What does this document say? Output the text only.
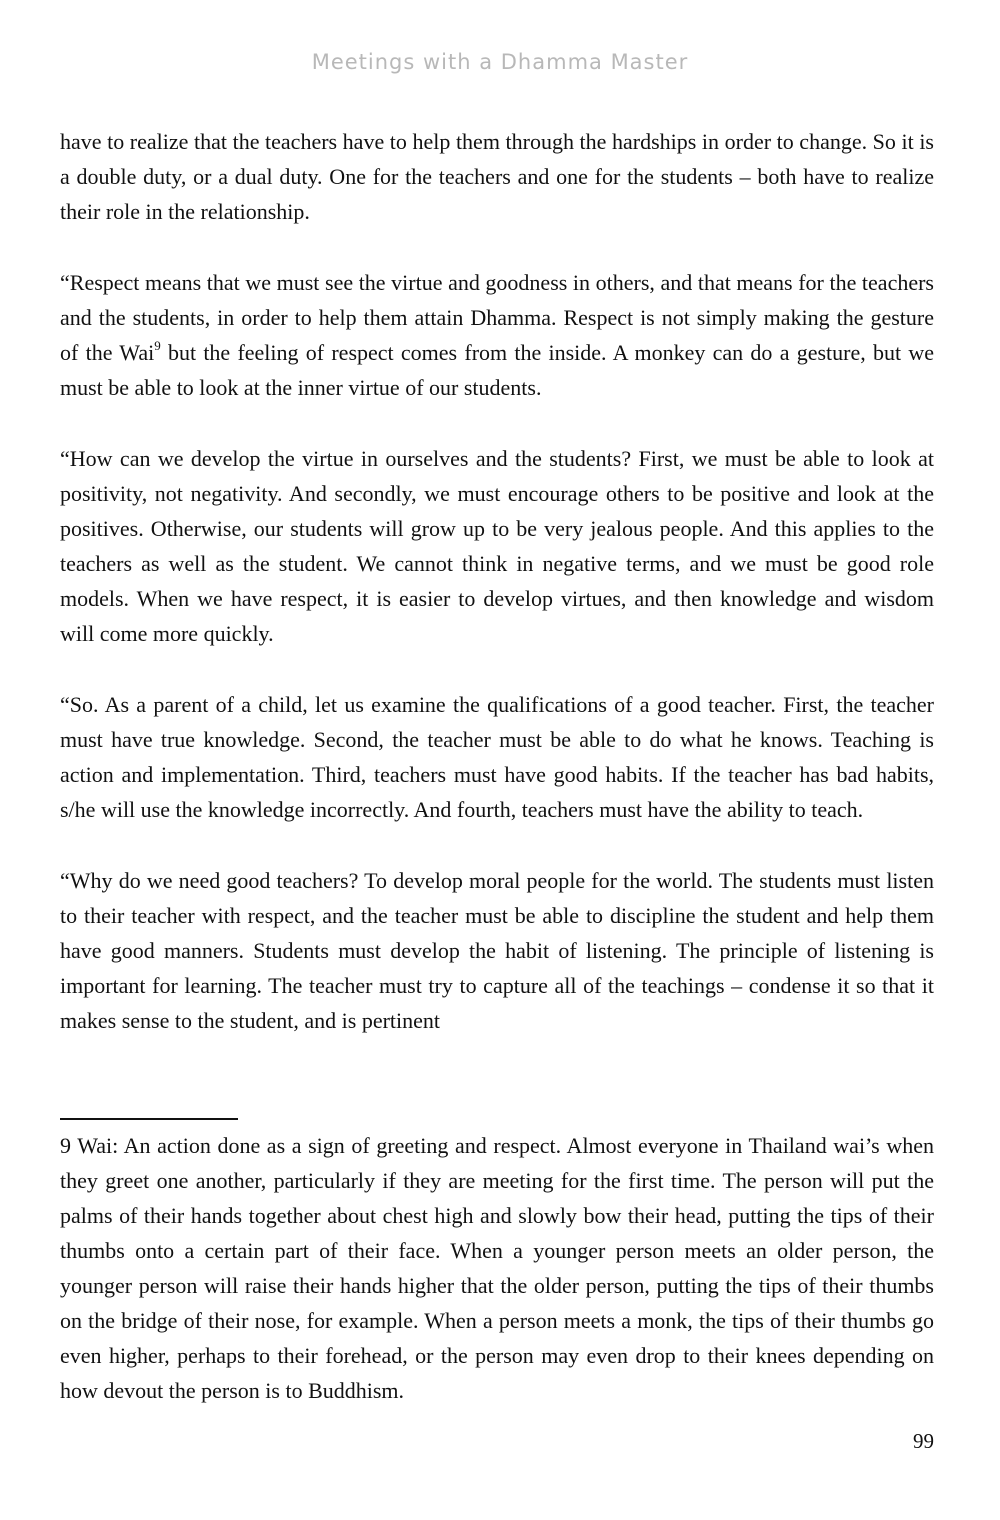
Meetings with a Dhamma Master

have to realize that the teachers have to help them through the hardships in order to change. So it is a double duty, or a dual duty. One for the teachers and one for the students – both have to realize their role in the relationship.

“Respect means that we must see the virtue and goodness in others, and that means for the teachers and the students, in order to help them attain Dhamma. Respect is not simply making the gesture of the Wai$^9$ but the feeling of respect comes from the inside. A monkey can do a gesture, but we must be able to look at the inner virtue of our students.

“How can we develop the virtue in ourselves and the students? First, we must be able to look at positivity, not negativity. And secondly, we must encourage others to be positive and look at the positives. Otherwise, our students will grow up to be very jealous people. And this applies to the teachers as well as the student. We cannot think in negative terms, and we must be good role models. When we have respect, it is easier to develop virtues, and then knowledge and wisdom will come more quickly.

“So. As a parent of a child, let us examine the qualifications of a good teacher. First, the teacher must have true knowledge. Second, the teacher must be able to do what he knows. Teaching is action and implementation. Third, teachers must have good habits. If the teacher has bad habits, s/he will use the knowledge incorrectly. And fourth, teachers must have the ability to teach.

“Why do we need good teachers? To develop moral people for the world. The students must listen to their teacher with respect, and the teacher must be able to discipline the student and help them have good manners. Students must develop the habit of listening. The principle of listening is important for learning. The teacher must try to capture all of the teachings – condense it so that it makes sense to the student, and is pertinent

9 Wai: An action done as a sign of greeting and respect. Almost everyone in Thailand wai’s when they greet one another, particularly if they are meeting for the first time. The person will put the palms of their hands together about chest high and slowly bow their head, putting the tips of their thumbs onto a certain part of their face. When a younger person meets an older person, the younger person will raise their hands higher that the older person, putting the tips of their thumbs on the bridge of their nose, for example. When a person meets a monk, the tips of their thumbs go even higher, perhaps to their forehead, or the person may even drop to their knees depending on how devout the person is to Buddhism.

99
